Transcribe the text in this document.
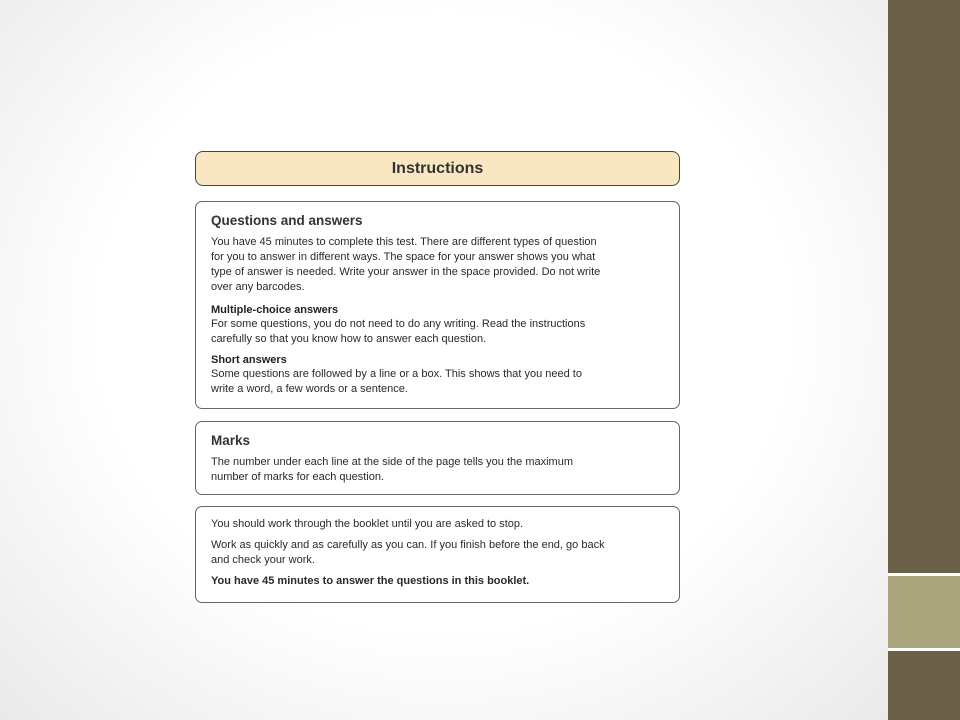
Instructions

Questions and answers

You have 45 minutes to complete this test. There are different types of question

for you to answer in different ways. The space for your answer shows you what

type of answer is needed. Write your answer in the space provided. Do not write

over any barcodes.

Multiple-choice answers

For some questions, you do not need to do any writing. Read the instructions

carefully so that you know how to answer each question.

Short answers

Some questions are followed by a line or a box. This shows that you need to

write a word, a few words or a sentence.

Marks

The number under each line at the side of the page tells you the maximum

number of marks for each question.

You should work through the booklet until you are asked to stop.

Work as quickly and as carefully as you can. If you finish before the end, go back

and check your work.

You have 45 minutes to answer the questions in this booklet.
